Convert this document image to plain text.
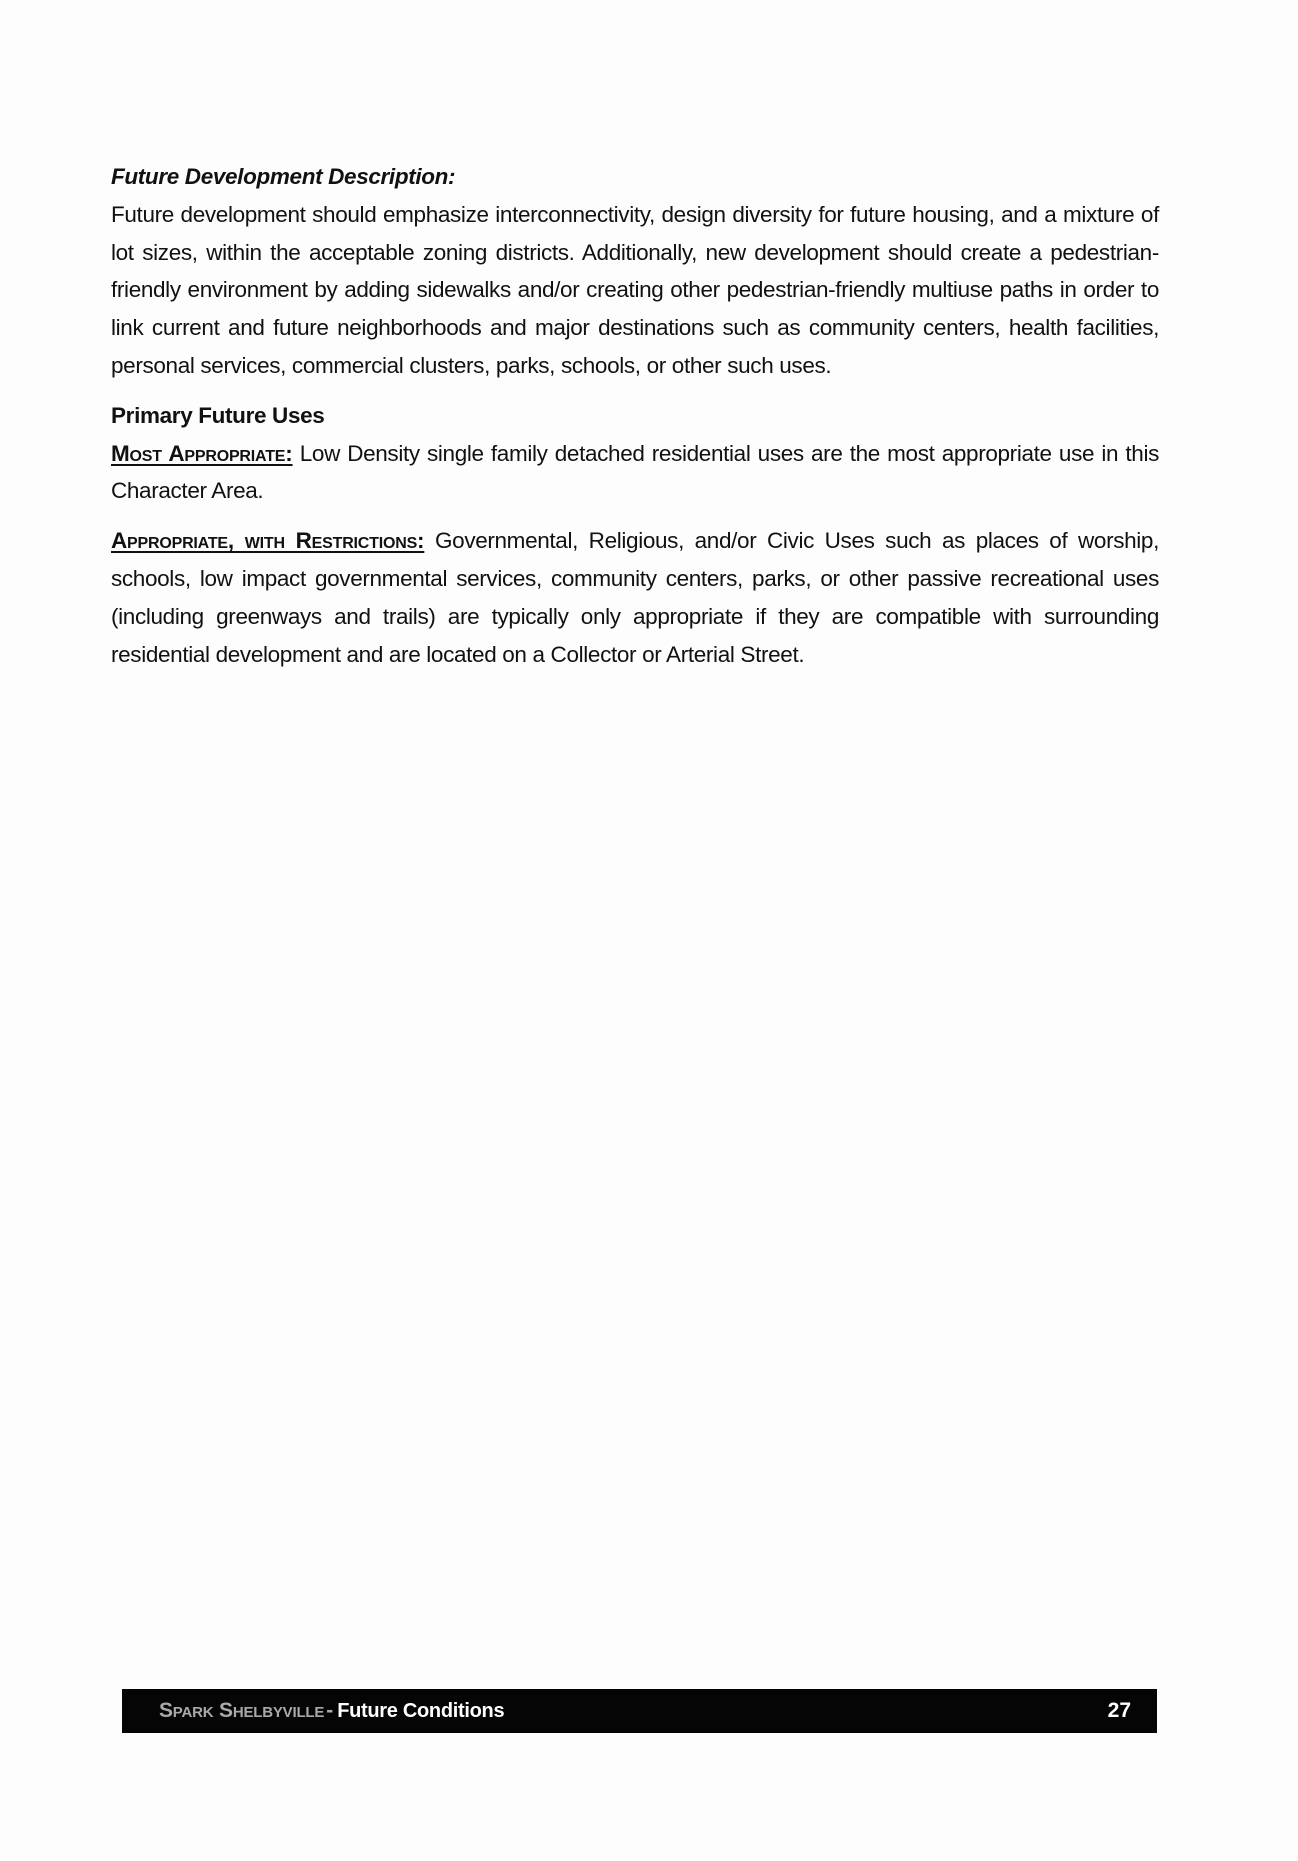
Future Development Description:

Future development should emphasize interconnectivity, design diversity for future housing, and a mixture of lot sizes, within the acceptable zoning districts. Additionally, new development should create a pedestrian-friendly environment by adding sidewalks and/or creating other pedestrian-friendly multiuse paths in order to link current and future neighborhoods and major destinations such as community centers, health facilities, personal services, commercial clusters, parks, schools, or other such uses.

Primary Future Uses

Most Appropriate: Low Density single family detached residential uses are the most appropriate use in this Character Area.

Appropriate, with Restrictions: Governmental, Religious, and/or Civic Uses such as places of worship, schools, low impact governmental services, community centers, parks, or other passive recreational uses (including greenways and trails) are typically only appropriate if they are compatible with surrounding residential development and are located on a Collector or Arterial Street.

Spark Shelbyville - Future Conditions	27
